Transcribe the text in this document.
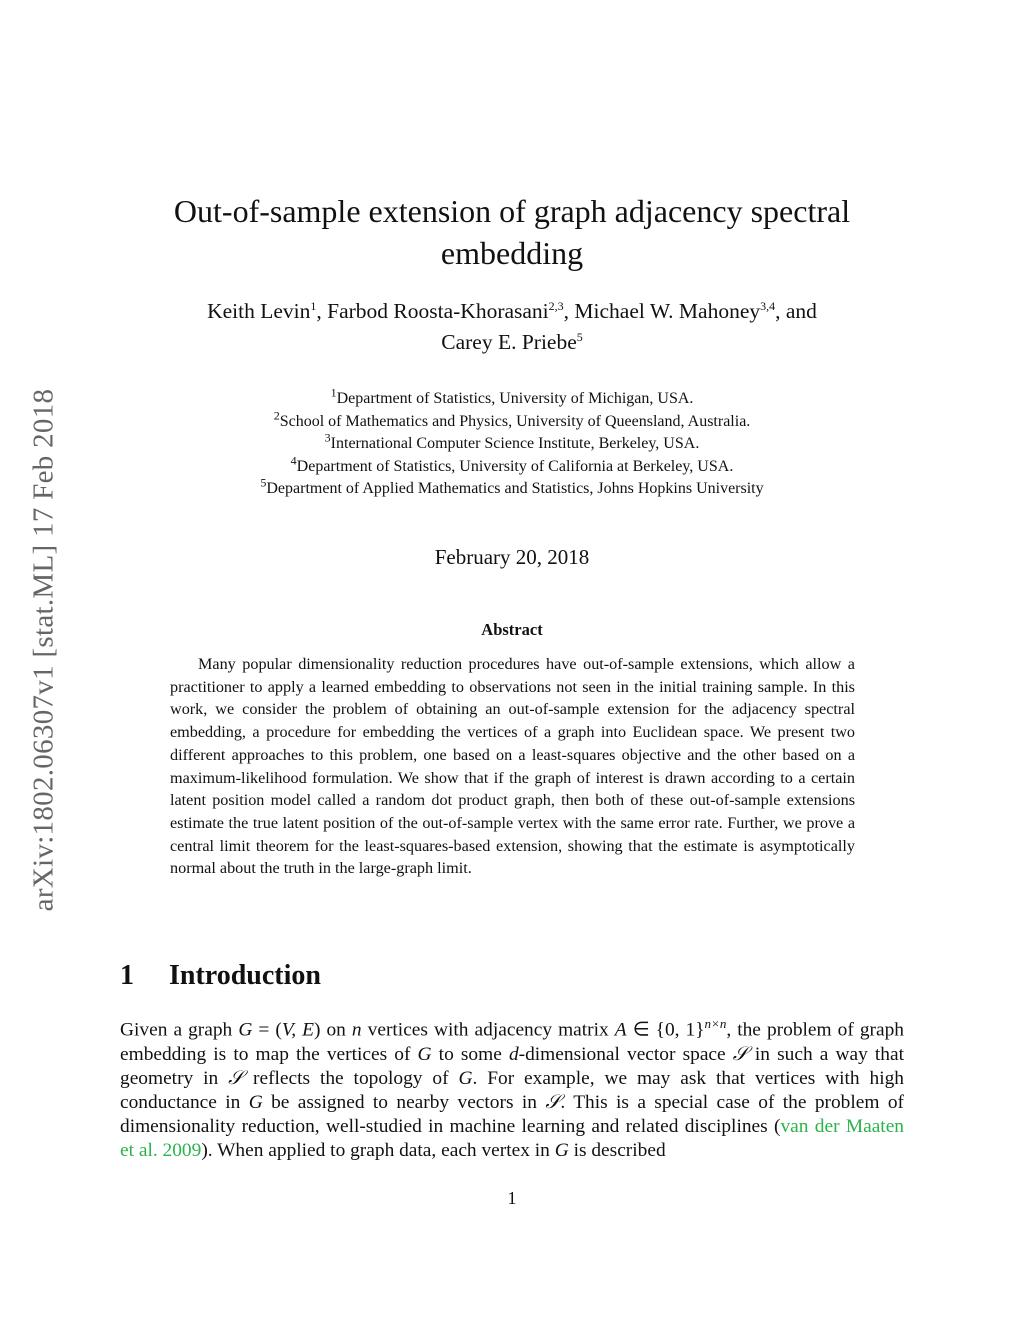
arXiv:1802.06307v1 [stat.ML] 17 Feb 2018
Out-of-sample extension of graph adjacency spectral
embedding
Keith Levin$^1$, Farbod Roosta-Khorasani$^{2,3}$, Michael W. Mahoney$^{3,4}$, and
Carey E. Priebe$^5$
$^1$Department of Statistics, University of Michigan, USA.
$^2$School of Mathematics and Physics, University of Queensland, Australia.
$^3$International Computer Science Institute, Berkeley, USA.
$^4$Department of Statistics, University of California at Berkeley, USA.
$^5$Department of Applied Mathematics and Statistics, Johns Hopkins University
February 20, 2018
Abstract

Many popular dimensionality reduction procedures have out-of-sample extensions, which allow a practitioner to apply a learned embedding to observations not seen in the initial training sample. In this work, we consider the problem of obtaining an out-of-sample extension for the adjacency spectral embedding, a procedure for embedding the vertices of a graph into Euclidean space. We present two different approaches to this problem, one based on a least-squares objective and the other based on a maximum-likelihood formulation. We show that if the graph of interest is drawn according to a certain latent position model called a random dot product graph, then both of these out-of-sample extensions estimate the true latent position of the out-of-sample vertex with the same error rate. Further, we prove a central limit theorem for the least-squares-based extension, showing that the estimate is asymptotically normal about the truth in the large-graph limit.

1 Introduction

Given a graph G = (V, E) on n vertices with adjacency matrix A ∈ {0, 1}$^{n\times n}$, the problem of graph embedding is to map the vertices of G to some d-dimensional vector space 𝒮 in such a way that geometry in 𝒮 reflects the topology of G. For example, we may ask that vertices with high conductance in G be assigned to nearby vectors in 𝒮. This is a special case of the problem of dimensionality reduction, well-studied in machine learning and related disciplines (van der Maaten et al. 2009). When applied to graph data, each vertex in G is described

1
